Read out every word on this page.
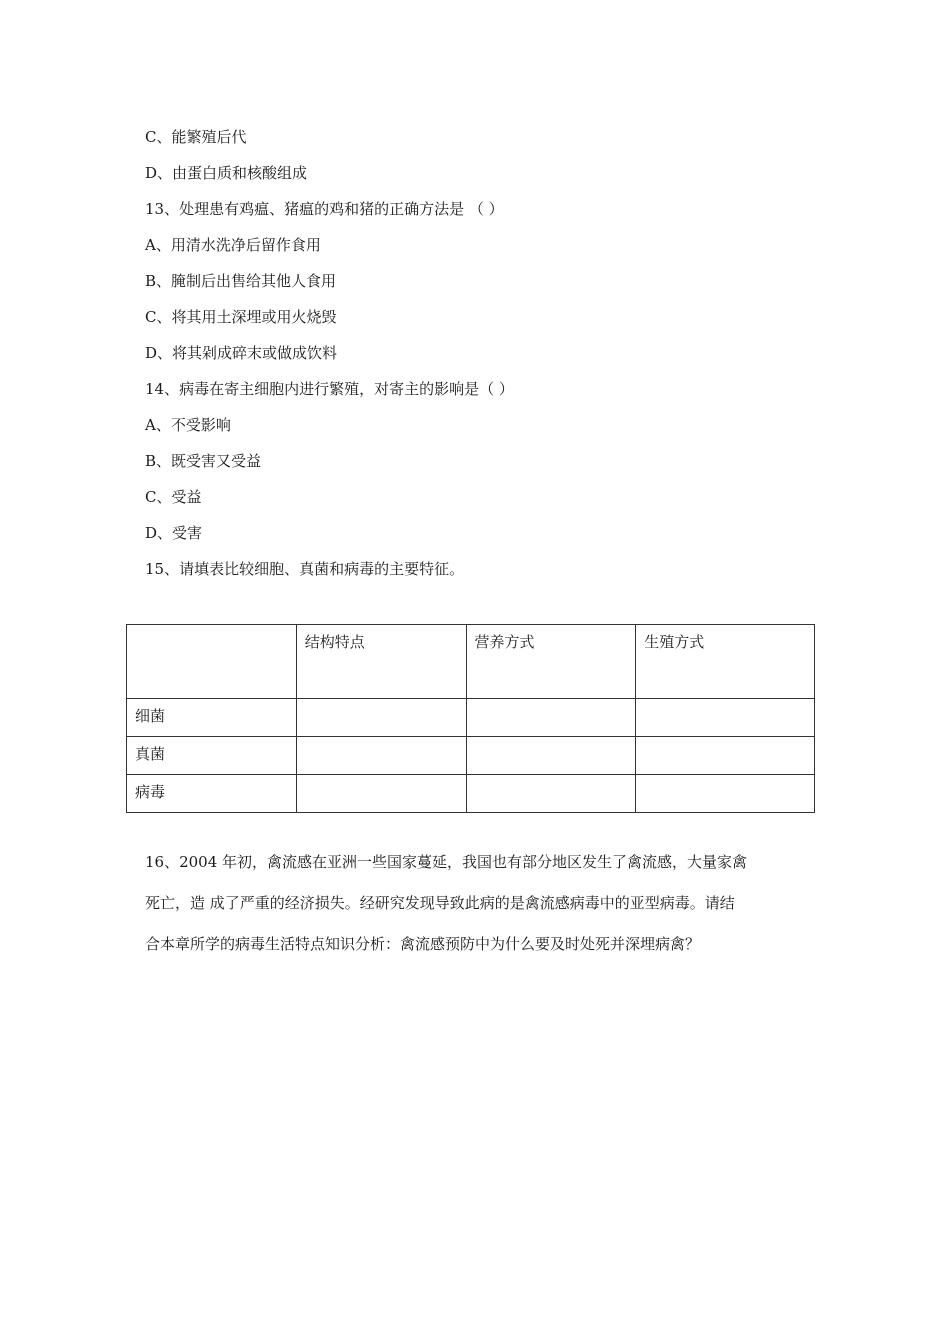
C、能繁殖后代
D、由蛋白质和核酸组成
13、处理患有鸡瘟、猪瘟的鸡和猪的正确方法是 （ ）
A、用清水洗净后留作食用
B、腌制后出售给其他人食用
C、将其用土深埋或用火烧毁
D、将其剁成碎末或做成饮料
14、病毒在寄主细胞内进行繁殖，对寄主的影响是（ ）
A、不受影响
B、既受害又受益
C、受益
D、受害
15、请填表比较细胞、真菌和病毒的主要特征。
	结构特点	营养方式	生殖方式
细菌			
真菌			
病毒			
16、2004 年初，禽流感在亚洲一些国家蔓延，我国也有部分地区发生了禽流感，大量家禽
死亡，造 成了严重的经济损失。经研究发现导致此病的是禽流感病毒中的亚型病毒。请结
合本章所学的病毒生活特点知识分析：禽流感预防中为什么要及时处死并深埋病禽？
